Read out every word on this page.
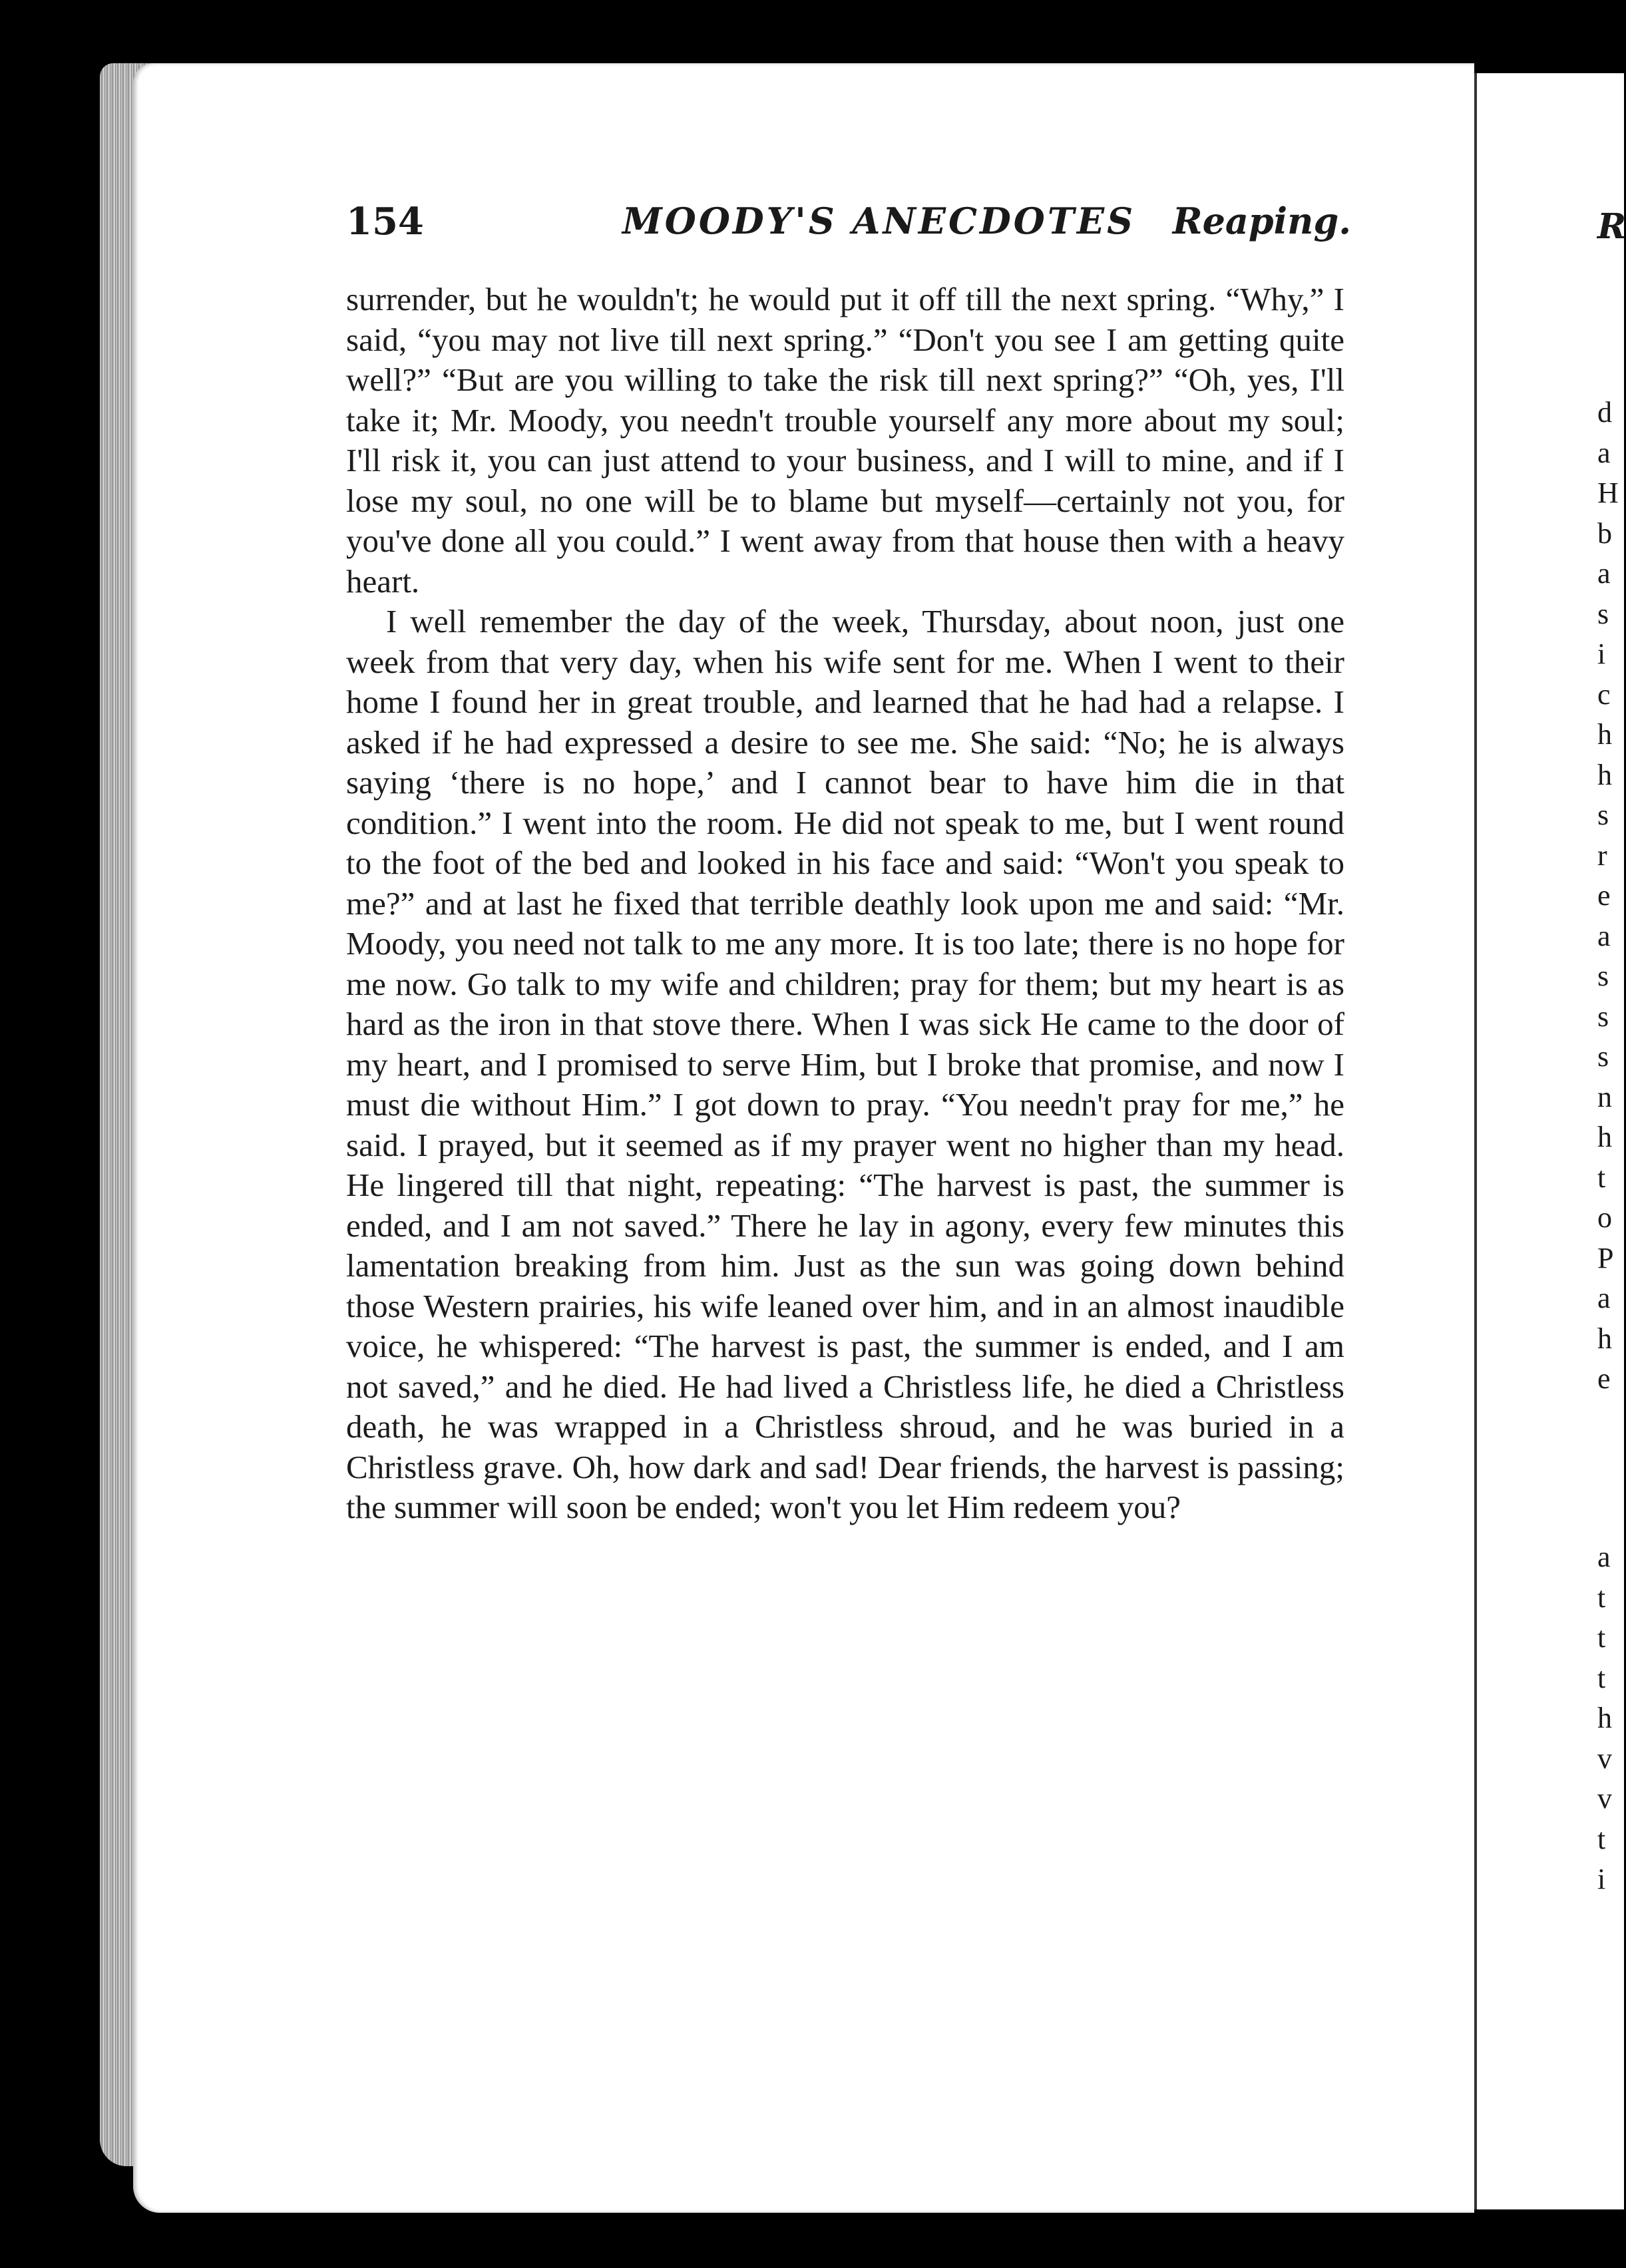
154	MOODY'S ANECDOTES Reaping.	R

surrender, but he wouldn't; he would put it off till the next spring. “Why,” I said, “you may not live till next spring.” “Don't you see I am getting quite well?” “But are you willing to take the risk till next spring?” “Oh, yes, I'll take it; Mr. Moody, you needn't trouble yourself any more about my soul; I'll risk it, you can just attend to your business, and I will to mine, and if I lose my soul, no one will be to blame but myself—certainly not you, for you've done all you could.” I went away from that house then with a heavy heart.

I well remember the day of the week, Thursday, about noon, just one week from that very day, when his wife sent for me. When I went to their home I found her in great trouble, and learned that he had had a relapse. I asked if he had expressed a desire to see me. She said: “No; he is always saying ‘there is no hope,’ and I cannot bear to have him die in that condition.” I went into the room. He did not speak to me, but I went round to the foot of the bed and looked in his face and said: “Won't you speak to me?” and at last he fixed that terrible deathly look upon me and said: “Mr. Moody, you need not talk to me any more. It is too late; there is no hope for me now. Go talk to my wife and children; pray for them; but my heart is as hard as the iron in that stove there. When I was sick He came to the door of my heart, and I promised to serve Him, but I broke that promise, and now I must die without Him.” I got down to pray. “You needn't pray for me,” he said. I prayed, but it seemed as if my prayer went no higher than my head. He lingered till that night, repeating: “The harvest is past, the summer is ended, and I am not saved.” There he lay in agony, every few minutes this lamentation breaking from him. Just as the sun was going down behind those Western prairies, his wife leaned over him, and in an almost inaudible voice, he whispered: “The harvest is past, the summer is ended, and I am not saved,” and he died. He had lived a Christless life, he died a Christless death, he was wrapped in a Christless shroud, and he was buried in a Christless grave. Oh, how dark and sad! Dear friends, the harvest is passing; the summer will soon be ended; won't you let Him redeem you?

d
a
H
b
a
s
i
c
h
h
s
r
e
a
s
s
s
n
h
t
o
P
a
h
e
a
t
t
t
h
v
v
t
i
